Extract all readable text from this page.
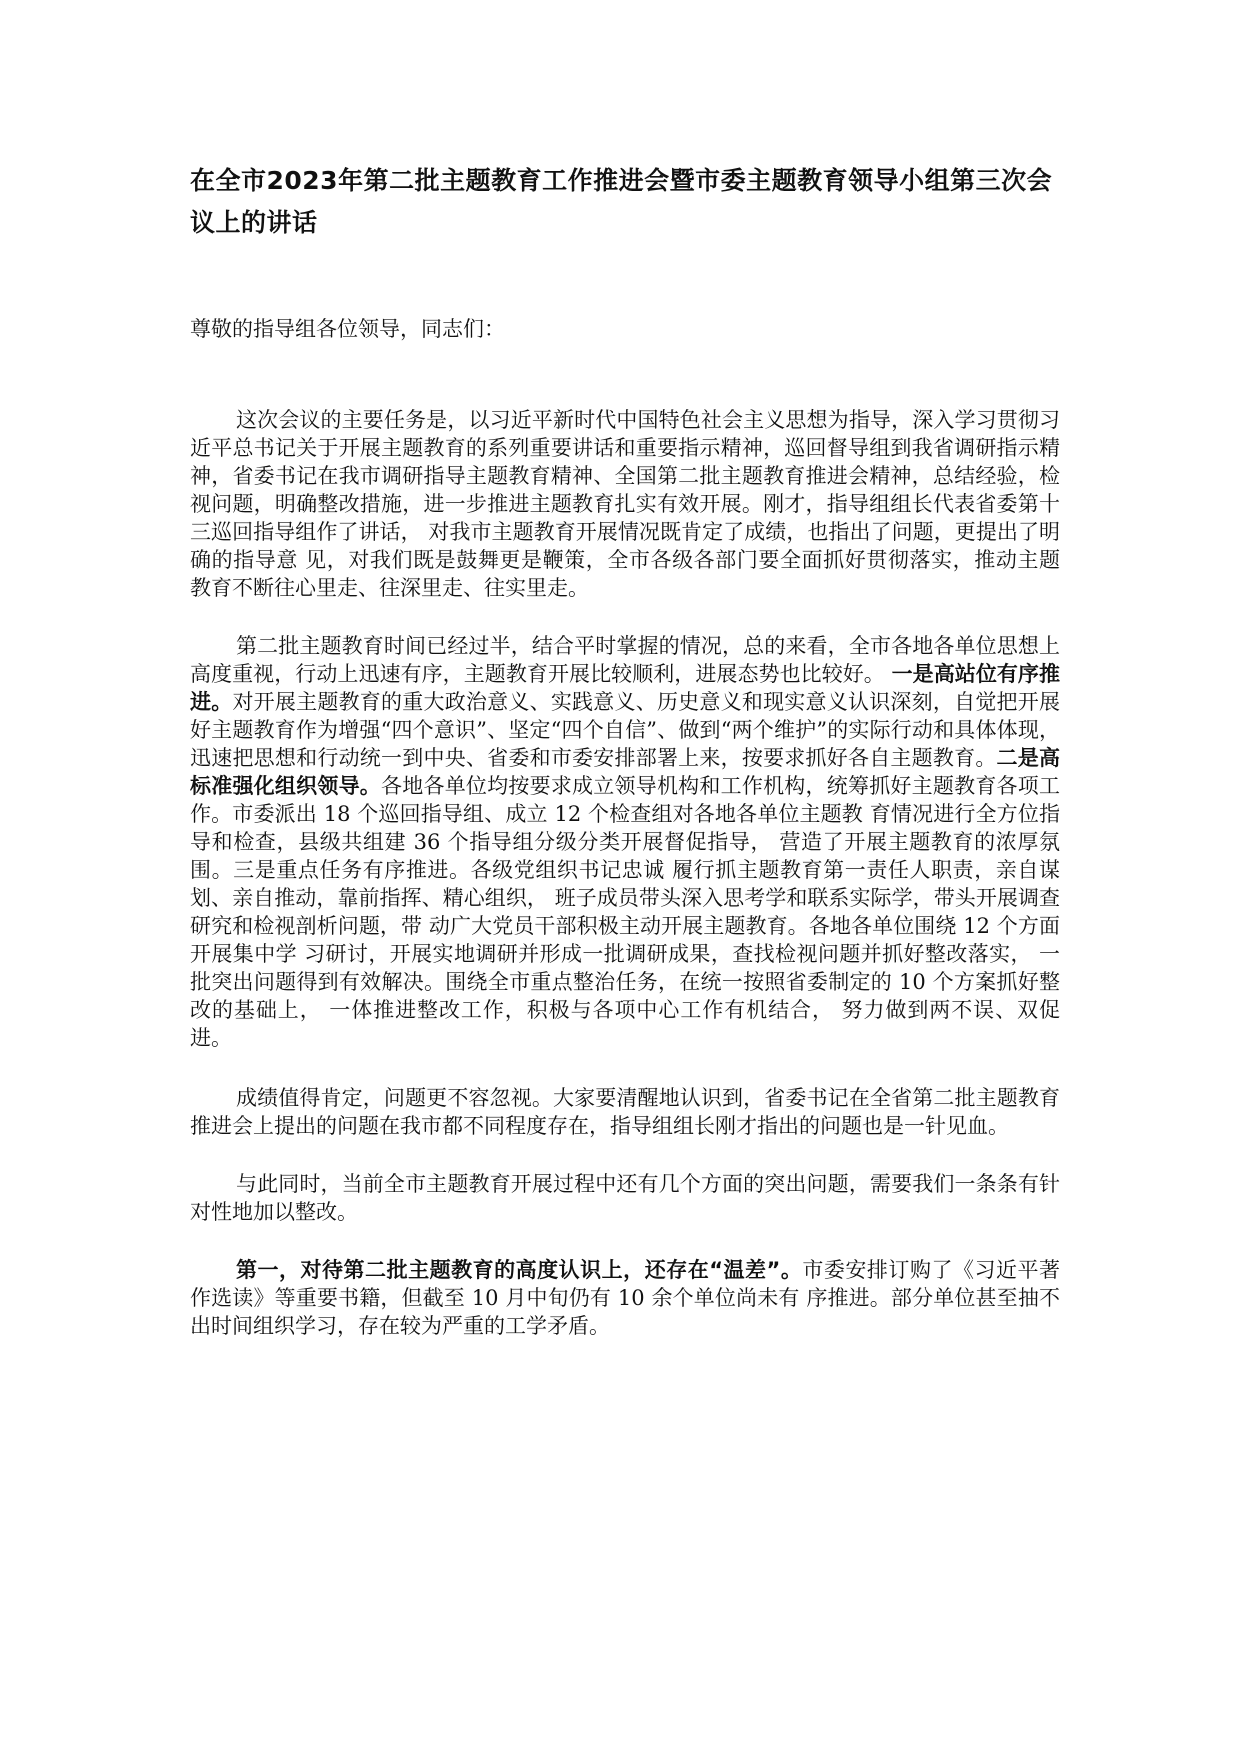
在全市2023年第二批主题教育工作推进会暨市委主题教育领导小组第三次会议上的讲话

尊敬的指导组各位领导，同志们：

这次会议的主要任务是，以习近平新时代中国特色社会主义思想为指导，深入学习贯彻习近平总书记关于开展主题教育的系列重要讲话和重要指示精神，巡回督导组到我省调研指示精神，省委书记在我市调研指导主题教育精神、全国第二批主题教育推进会精神，总结经验，检视问题，明确整改措施，进一步推进主题教育扎实有效开展。刚才，指导组组长代表省委第十三巡回指导组作了讲话， 对我市主题教育开展情况既肯定了成绩，也指出了问题，更提出了明确的指导意 见，对我们既是鼓舞更是鞭策，全市各级各部门要全面抓好贯彻落实，推动主题 教育不断往心里走、往深里走、往实里走。

第二批主题教育时间已经过半，结合平时掌握的情况，总的来看，全市各地各单位思想上高度重视，行动上迅速有序，主题教育开展比较顺利，进展态势也比较好。 一是高站位有序推进。对开展主题教育的重大政治意义、实践意义、历史意义和现实意义认识深刻，自觉把开展好主题教育作为增强“四个意识”、坚定“四个自信”、做到“两个维护”的实际行动和具体体现，迅速把思想和行动统一到中央、省委和市委安排部署上来，按要求抓好各自主题教育。二是高标准强化组织领导。各地各单位均按要求成立领导机构和工作机构，统筹抓好主题教育各项工作。市委派出 18 个巡回指导组、成立 12 个检查组对各地各单位主题教 育情况进行全方位指导和检查，县级共组建 36 个指导组分级分类开展督促指导， 营造了开展主题教育的浓厚氛围。三是重点任务有序推进。各级党组织书记忠诚 履行抓主题教育第一责任人职责，亲自谋划、亲自推动，靠前指挥、精心组织， 班子成员带头深入思考学和联系实际学，带头开展调查研究和检视剖析问题，带 动广大党员干部积极主动开展主题教育。各地各单位围绕 12 个方面开展集中学 习研讨，开展实地调研并形成一批调研成果，查找检视问题并抓好整改落实， 一 批突出问题得到有效解决。围绕全市重点整治任务，在统一按照省委制定的 10 个方案抓好整改的基础上， 一体推进整改工作，积极与各项中心工作有机结合， 努力做到两不误、双促进。

成绩值得肯定，问题更不容忽视。大家要清醒地认识到，省委书记在全省第二批主题教育推进会上提出的问题在我市都不同程度存在，指导组组长刚才指出的问题也是一针见血。

与此同时，当前全市主题教育开展过程中还有几个方面的突出问题，需要我们一条条有针对性地加以整改。

第一，对待第二批主题教育的高度认识上，还存在“温差”。市委安排订购了《习近平著作选读》等重要书籍，但截至 10 月中旬仍有 10 余个单位尚未有 序推进。部分单位甚至抽不出时间组织学习，存在较为严重的工学矛盾。
